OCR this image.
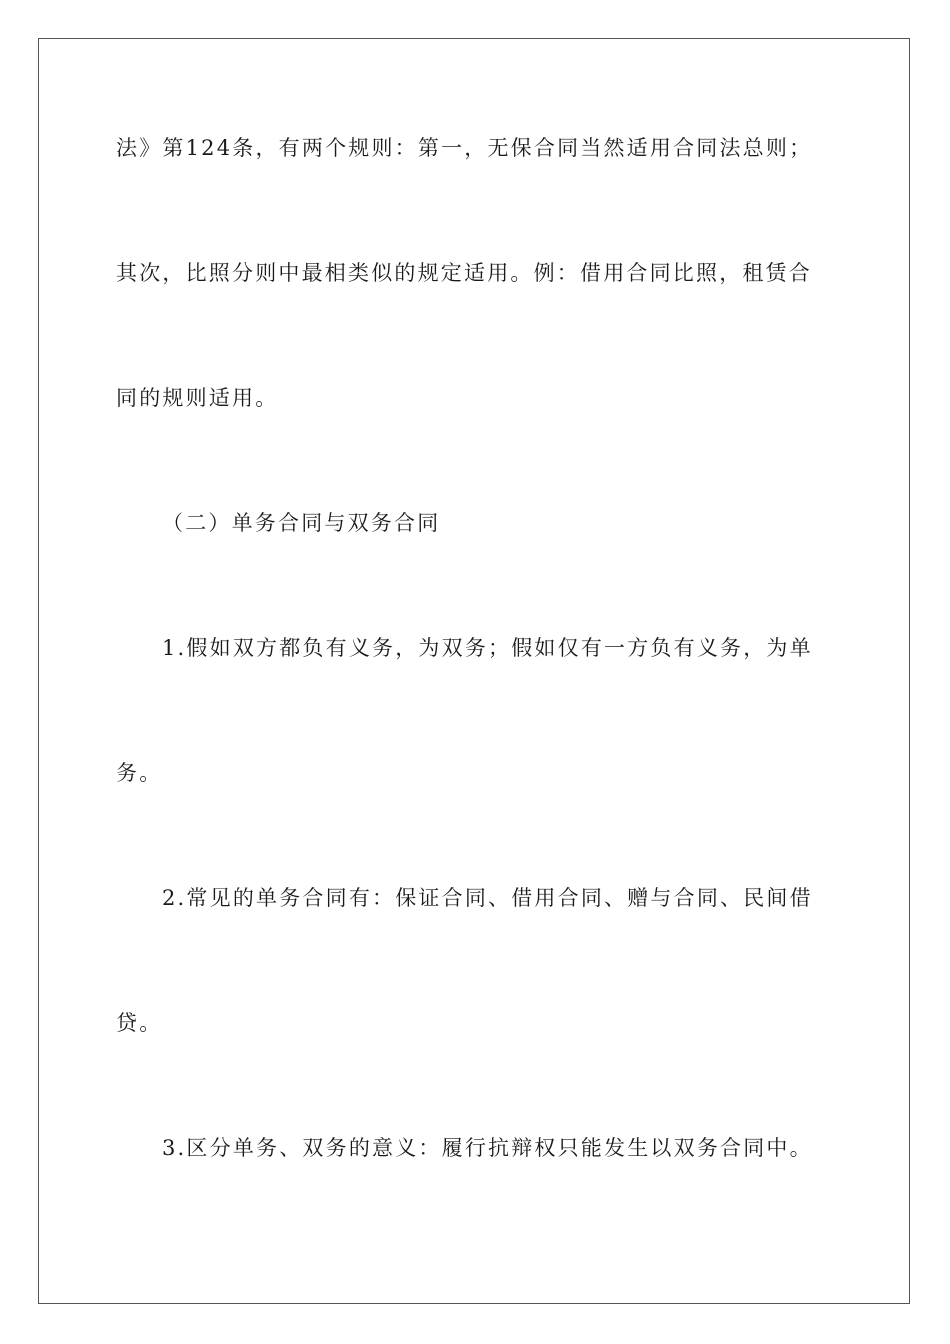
法》第124条，有两个规则：第一，无保合同当然适用合同法总则；
其次，比照分则中最相类似的规定适用。例：借用合同比照，租赁合
同的规则适用。
（二）单务合同与双务合同
1.假如双方都负有义务，为双务；假如仅有一方负有义务，为单
务。
2.常见的单务合同有：保证合同、借用合同、赠与合同、民间借
贷。
3.区分单务、双务的意义：履行抗辩权只能发生以双务合同中。
